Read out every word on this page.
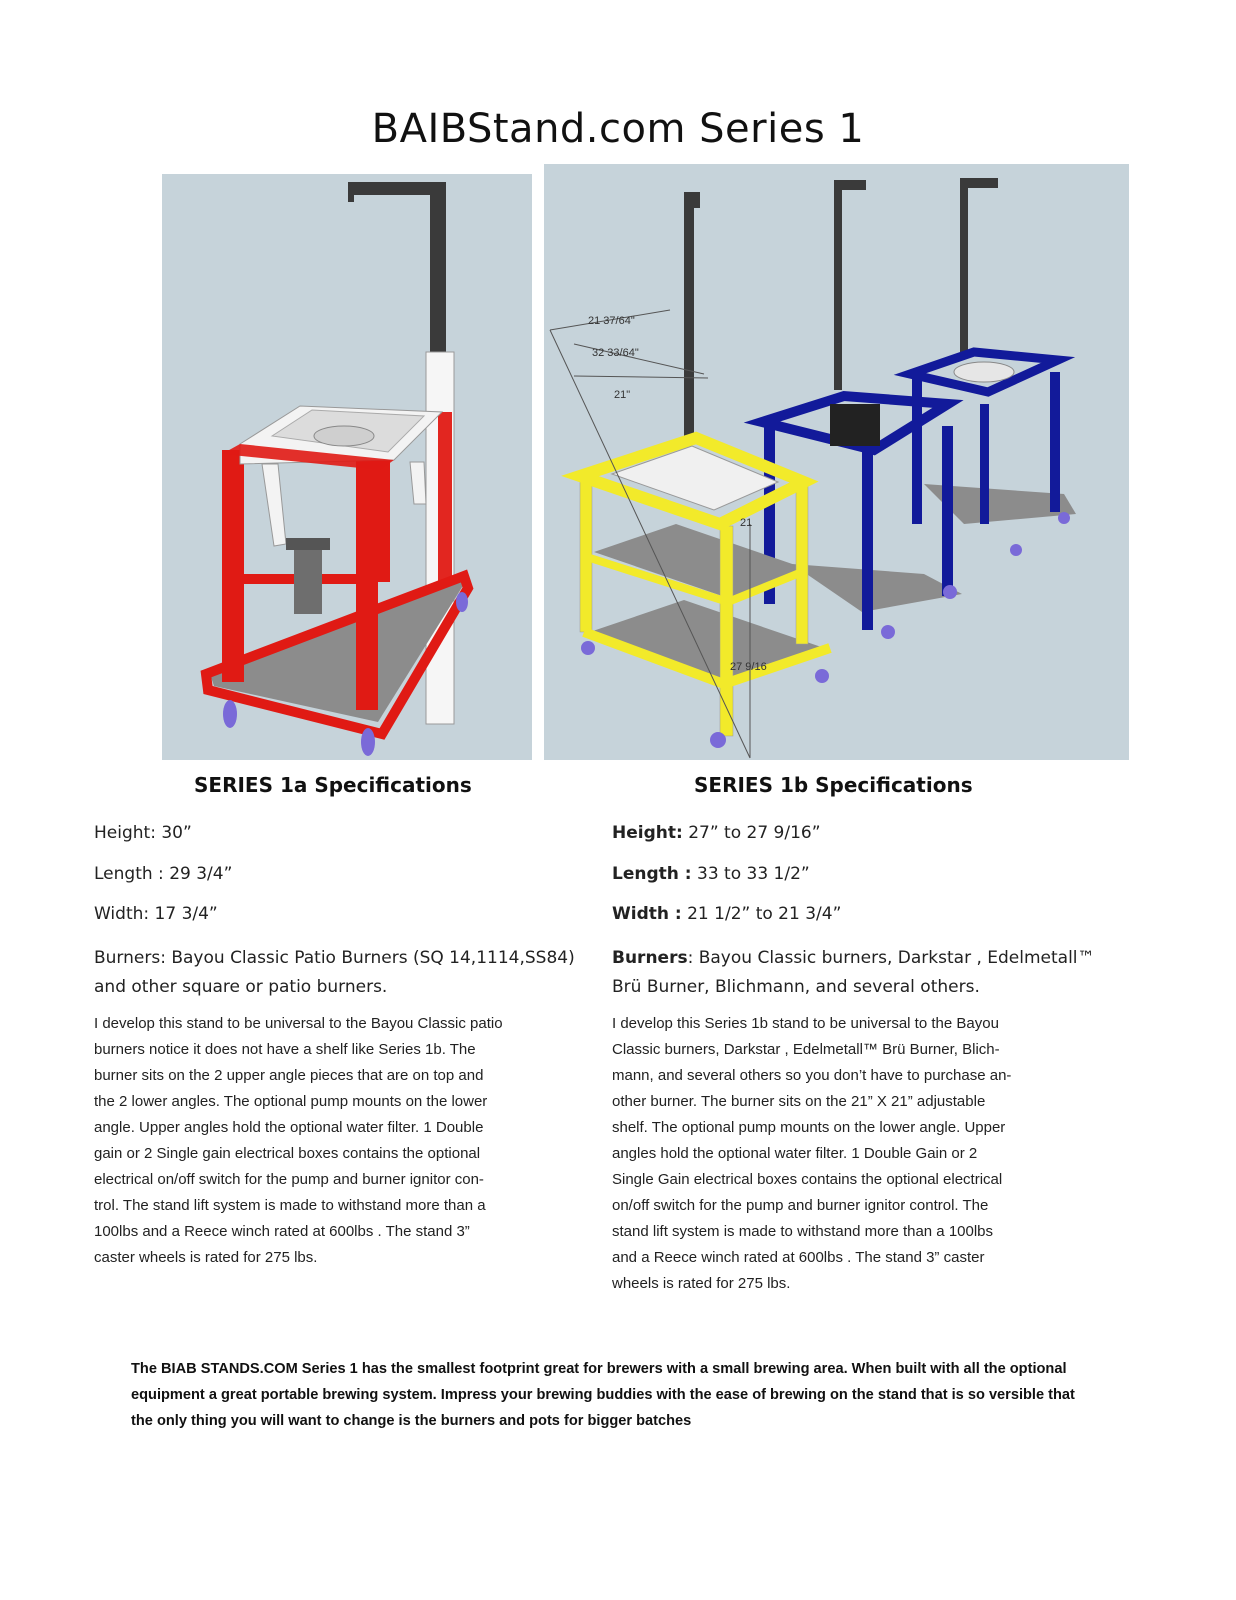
BAIBStand.com Series 1
21 37/64"
32 33/64"
21"
21
27 9/16
SERIES 1a Specifications	SERIES 1b Specifications
Height: 30”
Length : 29 3/4”
Width: 17 3/4”
Burners: Bayou Classic Patio Burners (SQ 14,1114,SS84) and other square or patio burners.
I develop this stand to be universal to the Bayou Classic patio
burners notice it does not have a shelf like Series 1b. The
burner sits on the 2 upper angle pieces that are on top and
the 2 lower angles. The optional pump mounts on the lower
angle. Upper angles hold the optional water filter. 1 Double
gain or 2 Single gain electrical boxes contains the optional
electrical on/off switch for the pump and burner ignitor con-
trol. The stand lift system is made to withstand more than a
100lbs and a Reece winch rated at 600lbs . The stand 3”
caster wheels is rated for 275 lbs.
Height: 27” to 27 9/16”
Length : 33 to 33 1/2”
Width : 21 1/2” to 21 3/4”
Burners: Bayou Classic burners, Darkstar , Edelmetall™ Brü Burner, Blichmann, and several others.
I develop this Series 1b stand to be universal to the Bayou
Classic burners, Darkstar , Edelmetall™ Brü Burner, Blich-
mann, and several others so you don’t have to purchase an-
other burner. The burner sits on the 21” X 21” adjustable
shelf. The optional pump mounts on the lower angle. Upper
angles hold the optional water filter. 1 Double Gain or 2
Single Gain electrical boxes contains the optional electrical
on/off switch for the pump and burner ignitor control. The
stand lift system is made to withstand more than a 100lbs
and a Reece winch rated at 600lbs . The stand 3” caster
wheels is rated for 275 lbs.
The BIAB STANDS.COM Series 1 has the smallest footprint great for brewers with a small brewing area. When built with all the optional equipment a great portable brewing system. Impress your brewing buddies with the ease of brewing on the stand that is so versible that the only thing you will want to change is the burners and pots for bigger batches
